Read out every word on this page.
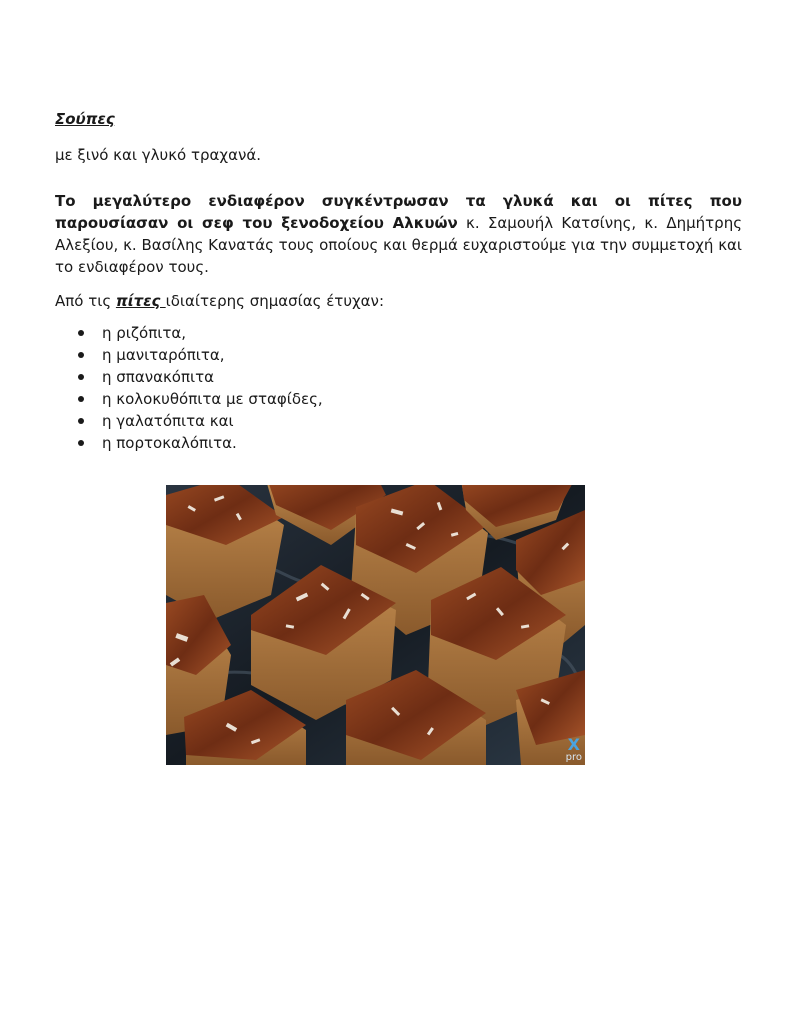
Σούπες

με ξινό και γλυκό τραχανά.

Το μεγαλύτερο ενδιαφέρον συγκέντρωσαν τα γλυκά και οι πίτες που παρουσίασαν οι σεφ του ξενοδοχείου Αλκυών κ. Σαμουήλ Κατσίνης, κ. Δημήτρης Αλεξίου, κ. Βασίλης Κανατάς τους οποίους και θερμά ευχαριστούμε για την συμμετοχή και το ενδιαφέρον τους.

Από τις πίτες ιδιαίτερης σημασίας έτυχαν:

η ριζόπιτα,
η μανιταρόπιτα,
η σπανακόπιτα
η κολοκυθόπιτα με σταφίδες,
η γαλατόπιτα και
η πορτοκαλόπιτα.
X
pro
